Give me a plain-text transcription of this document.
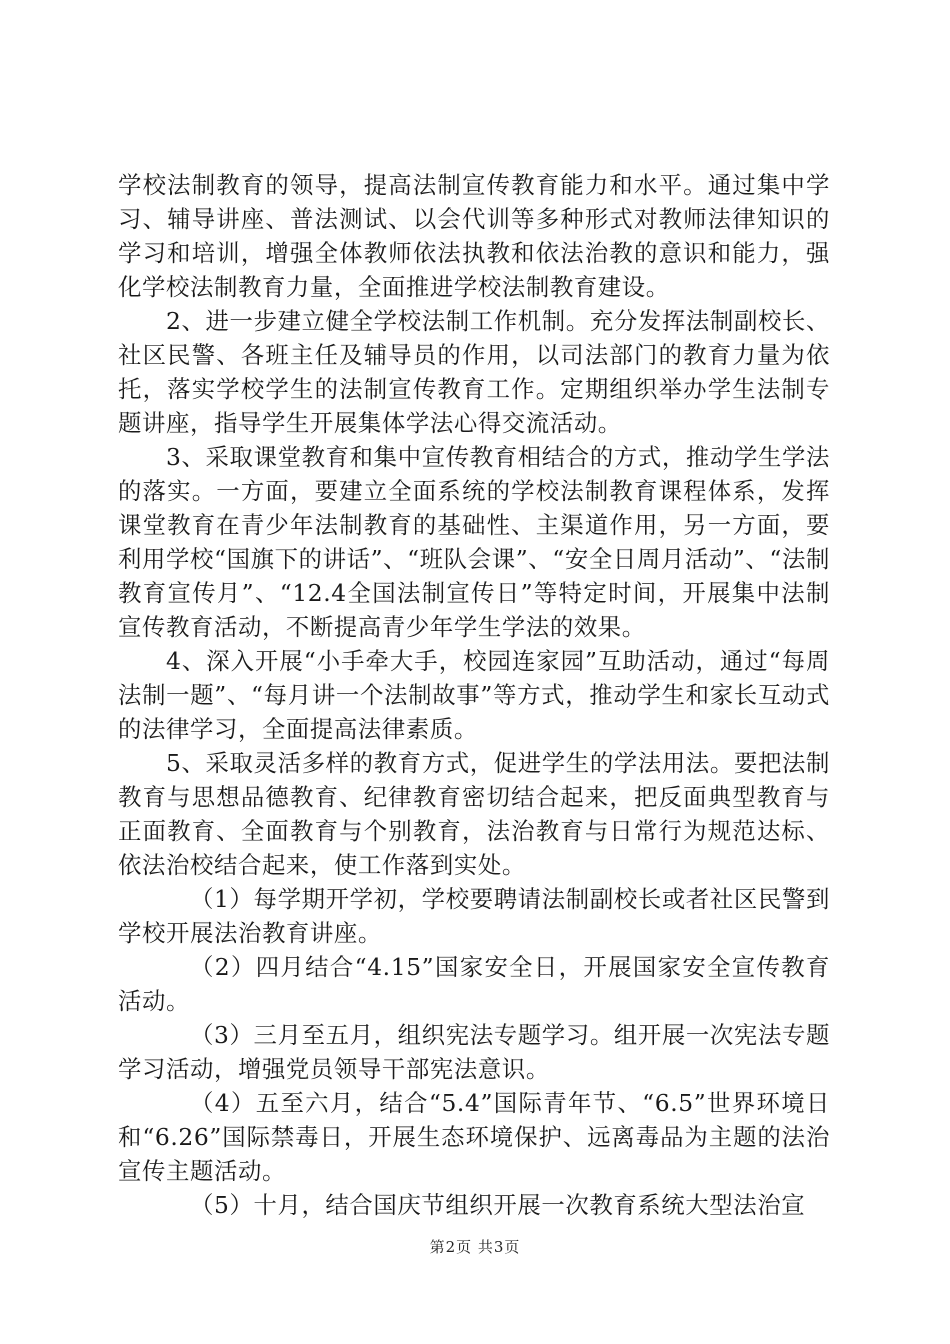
学校法制教育的领导，提高法制宣传教育能力和水平。通过集中学习、辅导讲座、普法测试、以会代训等多种形式对教师法律知识的学习和培训，增强全体教师依法执教和依法治教的意识和能力，强化学校法制教育力量，全面推进学校法制教育建设。

2、进一步建立健全学校法制工作机制。充分发挥法制副校长、社区民警、各班主任及辅导员的作用，以司法部门的教育力量为依托，落实学校学生的法制宣传教育工作。定期组织举办学生法制专题讲座，指导学生开展集体学法心得交流活动。

3、采取课堂教育和集中宣传教育相结合的方式，推动学生学法的落实。一方面，要建立全面系统的学校法制教育课程体系，发挥课堂教育在青少年法制教育的基础性、主渠道作用，另一方面，要利用学校“国旗下的讲话”、“班队会课”、“安全日周月活动”、“法制教育宣传月”、“12.4全国法制宣传日”等特定时间，开展集中法制宣传教育活动，不断提高青少年学生学法的效果。

4、深入开展“小手牵大手，校园连家园”互助活动，通过“每周法制一题”、“每月讲一个法制故事”等方式，推动学生和家长互动式的法律学习，全面提高法律素质。

5、采取灵活多样的教育方式，促进学生的学法用法。要把法制教育与思想品德教育、纪律教育密切结合起来，把反面典型教育与正面教育、全面教育与个别教育，法治教育与日常行为规范达标、依法治校结合起来，使工作落到实处。

（1）每学期开学初，学校要聘请法制副校长或者社区民警到学校开展法治教育讲座。

（2）四月结合“4.15”国家安全日，开展国家安全宣传教育活动。

（3）三月至五月，组织宪法专题学习。组开展一次宪法专题学习活动，增强党员领导干部宪法意识。

（4）五至六月，结合“5.4”国际青年节、“6.5”世界环境日和“6.26”国际禁毒日，开展生态环境保护、远离毒品为主题的法治宣传主题活动。

（5）十月，结合国庆节组织开展一次教育系统大型法治宣

第2页 共3页
